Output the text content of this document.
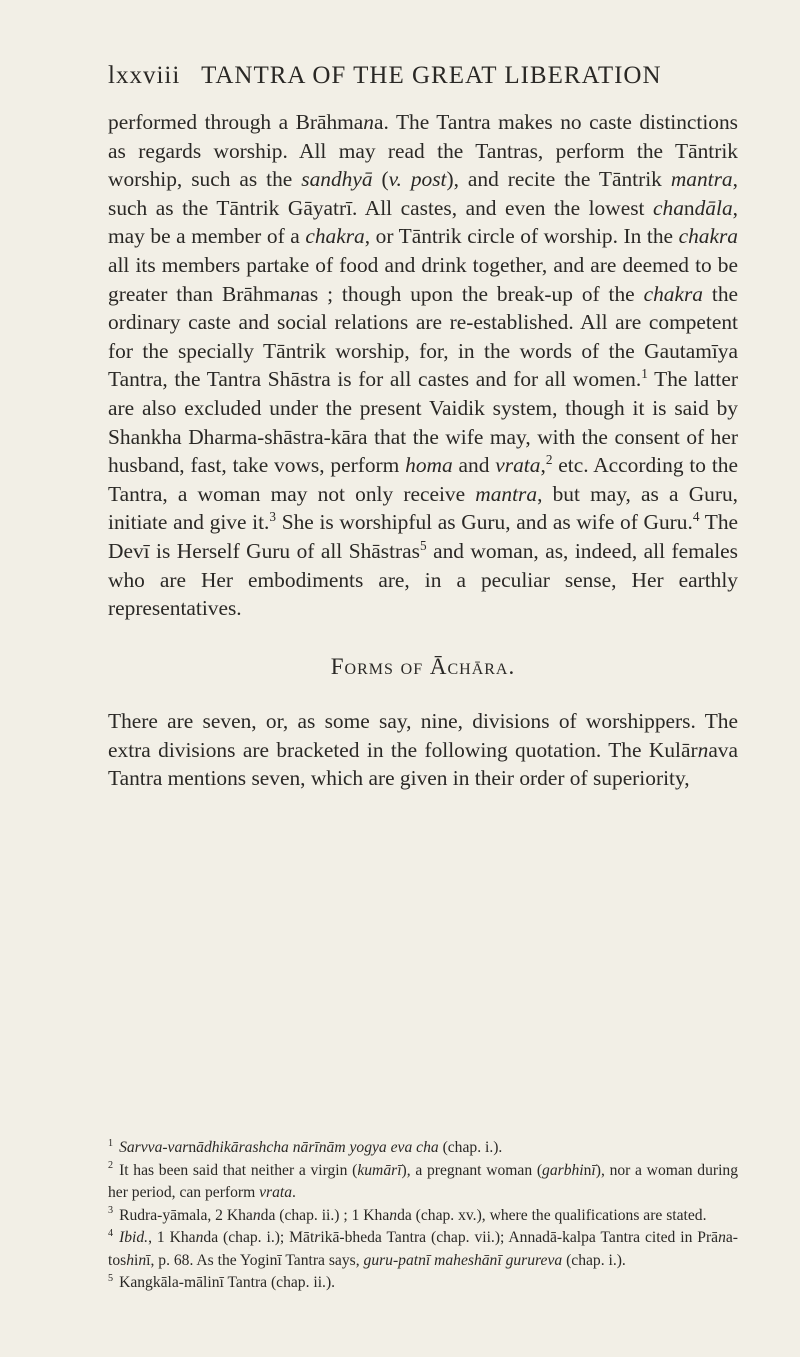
lxxviii TANTRA OF THE GREAT LIBERATION

performed through a Brāhmana. The Tantra makes no caste distinctions as regards worship. All may read the Tantras, perform the Tāntrik worship, such as the sandhyā (v. post), and recite the Tāntrik mantra, such as the Tāntrik Gāyatrī. All castes, and even the lowest chandāla, may be a member of a chakra, or Tāntrik circle of worship. In the chakra all its members partake of food and drink together, and are deemed to be greater than Brāhmanas ; though upon the break-up of the chakra the ordinary caste and social relations are re-established. All are competent for the specially Tāntrik worship, for, in the words of the Gautamīya Tantra, the Tantra Shāstra is for all castes and for all women.$^1$ The latter are also excluded under the present Vaidik system, though it is said by Shankha Dharma-shāstra-kāra that the wife may, with the consent of her husband, fast, take vows, perform homa and vrata,$^2$ etc. According to the Tantra, a woman may not only receive mantra, but may, as a Guru, initiate and give it.$^3$ She is worshipful as Guru, and as wife of Guru.$^4$ The Devī is Herself Guru of all Shāstras$^5$ and woman, as, indeed, all females who are Her embodiments are, in a peculiar sense, Her earthly representatives.

Forms of Āchāra.

There are seven, or, as some say, nine, divisions of worshippers. The extra divisions are bracketed in the following quotation. The Kulārnava Tantra mentions seven, which are given in their order of superiority,

$^1$ Sarvva-varnādhikārashcha nārīnām yogya eva cha (chap. i.).

$^2$ It has been said that neither a virgin (kumārī), a pregnant woman (garbhinī), nor a woman during her period, can perform vrata.

$^3$ Rudra-yāmala, 2 Khanda (chap. ii.) ; 1 Khanda (chap. xv.), where the qualifications are stated.

$^4$ Ibid., 1 Khanda (chap. i.); Mātrikā-bheda Tantra (chap. vii.); Annadā-kalpa Tantra cited in Prāna-toshinī, p. 68. As the Yoginī Tantra says, guru-patnī maheshānī gurureva (chap. i.).

$^5$ Kangkāla-mālinī Tantra (chap. ii.).
